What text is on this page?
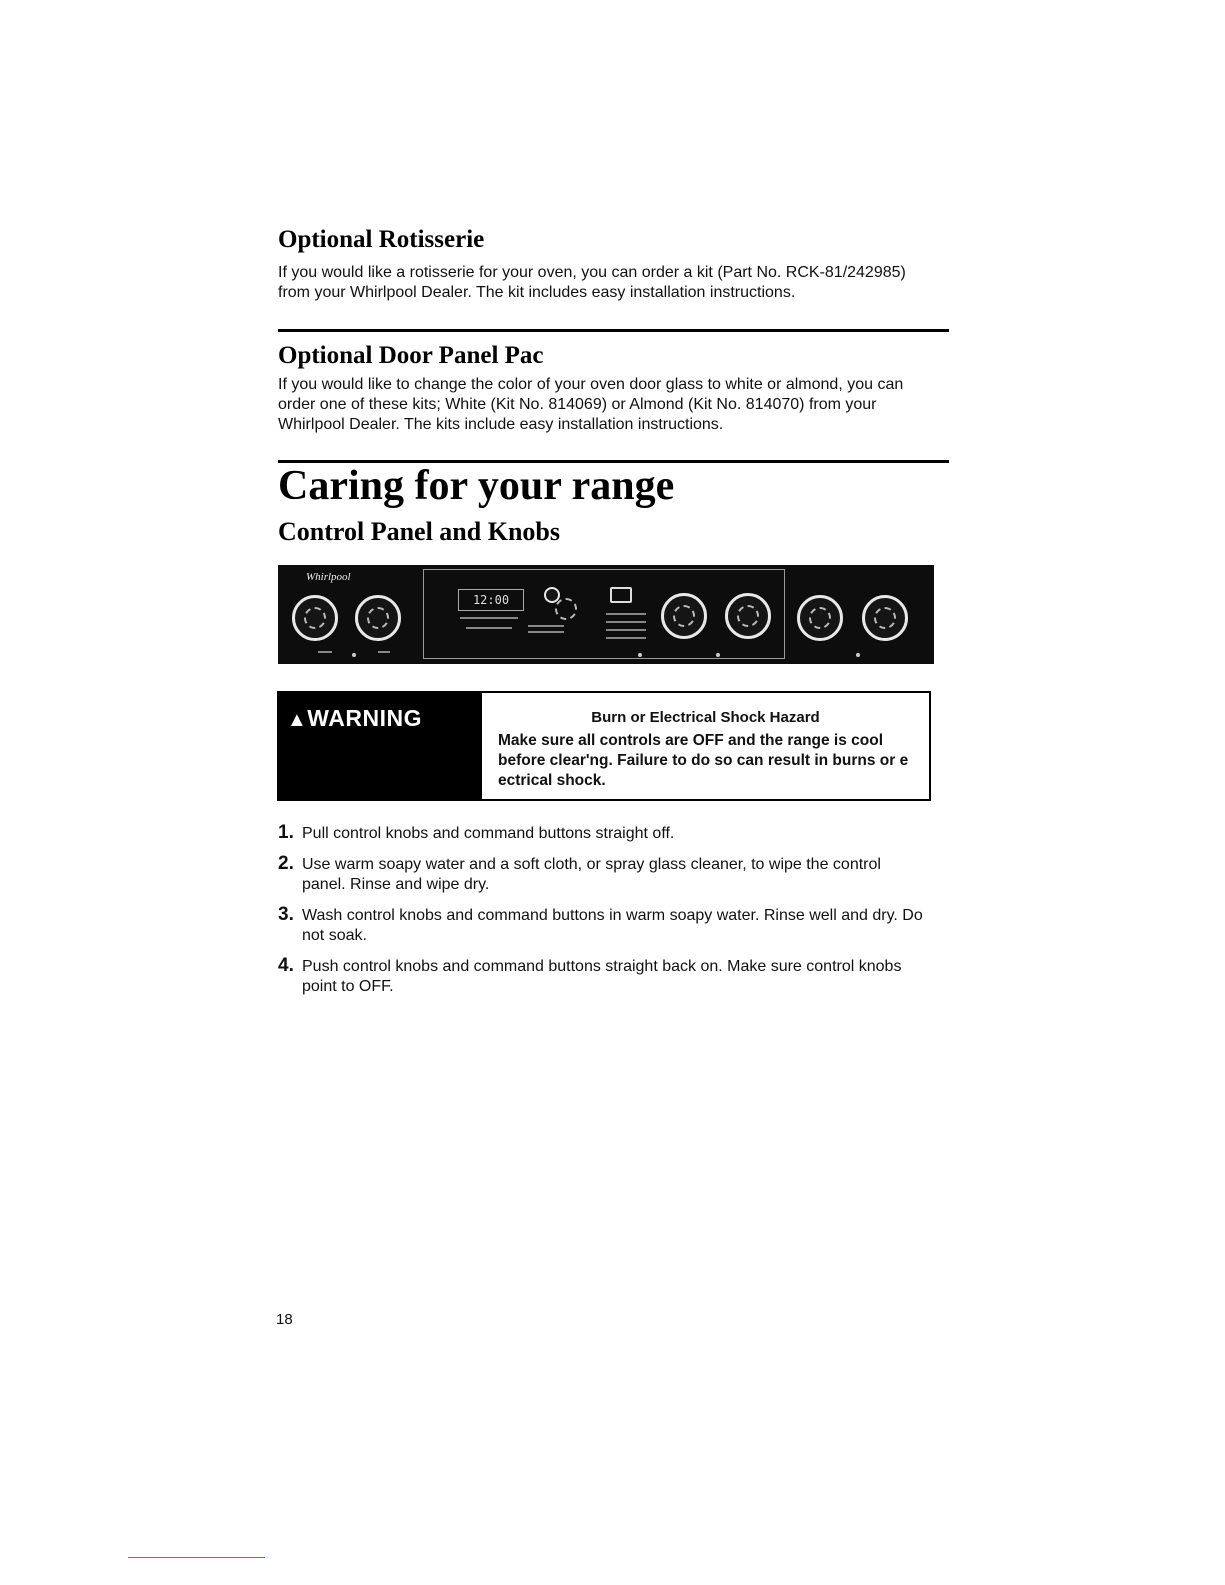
Optional Rotisserie

If you would like a rotisserie for your oven, you can order a kit (Part No. RCK-81/242985) from your Whirlpool Dealer. The kit includes easy installation instructions.

Optional Door Panel Pac

If you would like to change the color of your oven door glass to white or almond, you can order one of these kits; White (Kit No. 814069) or Almond (Kit No. 814070) from your Whirlpool Dealer. The kits include easy installation instructions.

Caring for your range
Control Panel and Knobs
Whirlpool
12:00
▲WARNING	Burn or Electrical Shock Hazard
Make sure all controls are OFF and the range is cool before clear'ng. Failure to do so can result in burns or e ectrical shock.
1. Pull control knobs and command buttons straight off.
2. Use warm soapy water and a soft cloth, or spray glass cleaner, to wipe the control panel. Rinse and wipe dry.
3. Wash control knobs and command buttons in warm soapy water. Rinse well and dry. Do not soak.
4. Push control knobs and command buttons straight back on. Make sure control knobs point to OFF.
18
